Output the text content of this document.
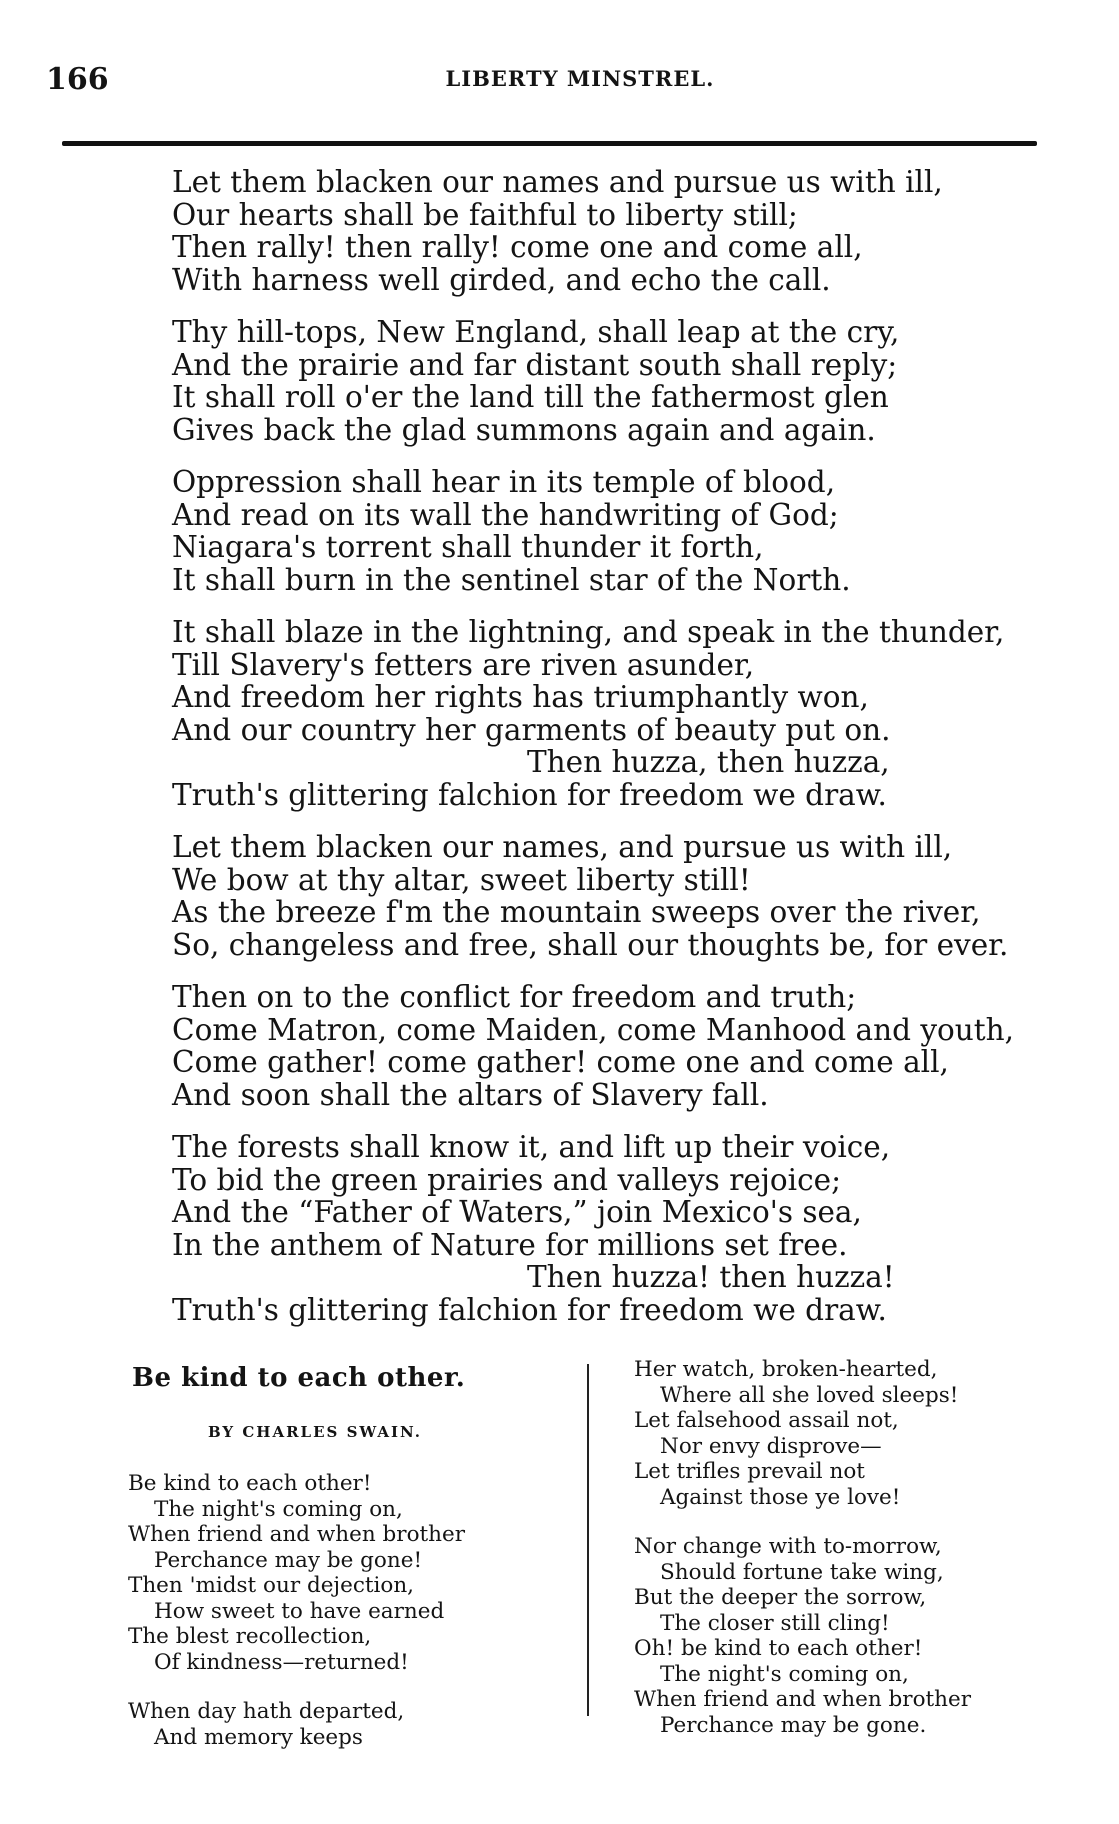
166	LIBERTY MINSTREL.
Let them blacken our names and pursue us with ill,
Our hearts shall be faithful to liberty still;
Then rally! then rally! come one and come all,
With harness well girded, and echo the call.
Thy hill-tops, New England, shall leap at the cry,
And the prairie and far distant south shall reply;
It shall roll o'er the land till the fathermost glen
Gives back the glad summons again and again.
Oppression shall hear in its temple of blood,
And read on its wall the handwriting of God;
Niagara's torrent shall thunder it forth,
It shall burn in the sentinel star of the North.
It shall blaze in the lightning, and speak in the thunder,
Till Slavery's fetters are riven asunder,
And freedom her rights has triumphantly won,
And our country her garments of beauty put on.
Then huzza, then huzza,
Truth's glittering falchion for freedom we draw.
Let them blacken our names, and pursue us with ill,
We bow at thy altar, sweet liberty still!
As the breeze f'm the mountain sweeps over the river,
So, changeless and free, shall our thoughts be, for ever.
Then on to the conflict for freedom and truth;
Come Matron, come Maiden, come Manhood and youth,
Come gather! come gather! come one and come all,
And soon shall the altars of Slavery fall.
The forests shall know it, and lift up their voice,
To bid the green prairies and valleys rejoice;
And the “Father of Waters,” join Mexico's sea,
In the anthem of Nature for millions set free.
Then huzza! then huzza!
Truth's glittering falchion for freedom we draw.
Be kind to each other.
BY CHARLES SWAIN.
Be kind to each other!
The night's coming on,
When friend and when brother
Perchance may be gone!
Then 'midst our dejection,
How sweet to have earned
The blest recollection,
Of kindness—returned!
When day hath departed,
And memory keeps
Her watch, broken-hearted,
Where all she loved sleeps!
Let falsehood assail not,
Nor envy disprove—
Let trifles prevail not
Against those ye love!
Nor change with to-morrow,
Should fortune take wing,
But the deeper the sorrow,
The closer still cling!
Oh! be kind to each other!
The night's coming on,
When friend and when brother
Perchance may be gone.
